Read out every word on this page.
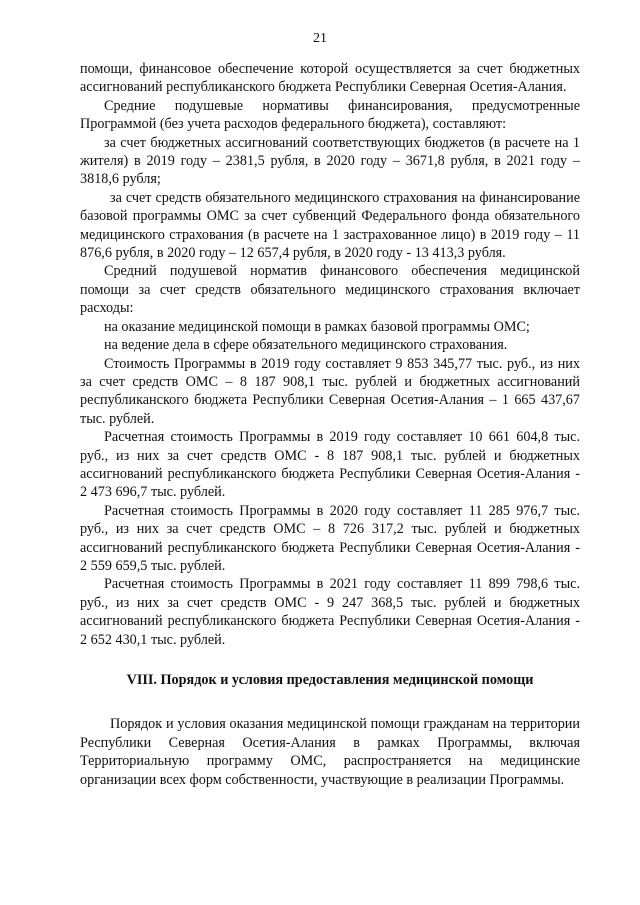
21

помощи, финансовое обеспечение которой осуществляется за счет бюджетных ассигнований республиканского бюджета Республики Северная Осетия-Алания.

Средние подушевые нормативы финансирования, предусмотренные Программой (без учета расходов федерального бюджета), составляют:

за счет бюджетных ассигнований соответствующих бюджетов (в расчете на 1 жителя) в 2019 году – 2381,5 рубля, в 2020 году – 3671,8 рубля, в 2021 году – 3818,6 рубля;

за счет средств обязательного медицинского страхования на финансирование базовой программы ОМС за счет субвенций Федерального фонда обязательного медицинского страхования (в расчете на 1 застрахованное лицо) в 2019 году – 11 876,6 рубля, в 2020 году – 12 657,4 рубля, в 2020 году - 13 413,3 рубля.

Средний подушевой норматив финансового обеспечения медицинской помощи за счет средств обязательного медицинского страхования включает расходы:

на оказание медицинской помощи в рамках базовой программы ОМС;

на ведение дела в сфере обязательного медицинского страхования.

Стоимость Программы в 2019 году составляет 9 853 345,77 тыс. руб., из них за счет средств ОМС – 8 187 908,1 тыс. рублей и бюджетных ассигнований республиканского бюджета Республики Северная Осетия-Алания – 1 665 437,67 тыс. рублей.

Расчетная стоимость Программы в 2019 году составляет 10 661 604,8 тыс. руб., из них за счет средств ОМС - 8 187 908,1 тыс. рублей и бюджетных ассигнований республиканского бюджета Республики Северная Осетия-Алания - 2 473 696,7 тыс. рублей.

Расчетная стоимость Программы в 2020 году составляет 11 285 976,7 тыс. руб., из них за счет средств ОМС – 8 726 317,2 тыс. рублей и бюджетных ассигнований республиканского бюджета Республики Северная Осетия-Алания - 2 559 659,5 тыс. рублей.

Расчетная стоимость Программы в 2021 году составляет 11 899 798,6 тыс. руб., из них за счет средств ОМС - 9 247 368,5 тыс. рублей и бюджетных ассигнований республиканского бюджета Республики Северная Осетия-Алания - 2 652 430,1 тыс. рублей.

VIII. Порядок и условия предоставления медицинской помощи

Порядок и условия оказания медицинской помощи гражданам на территории Республики Северная Осетия-Алания в рамках Программы, включая Территориальную программу ОМС, распространяется на медицинские организации всех форм собственности, участвующие в реализации Программы.
